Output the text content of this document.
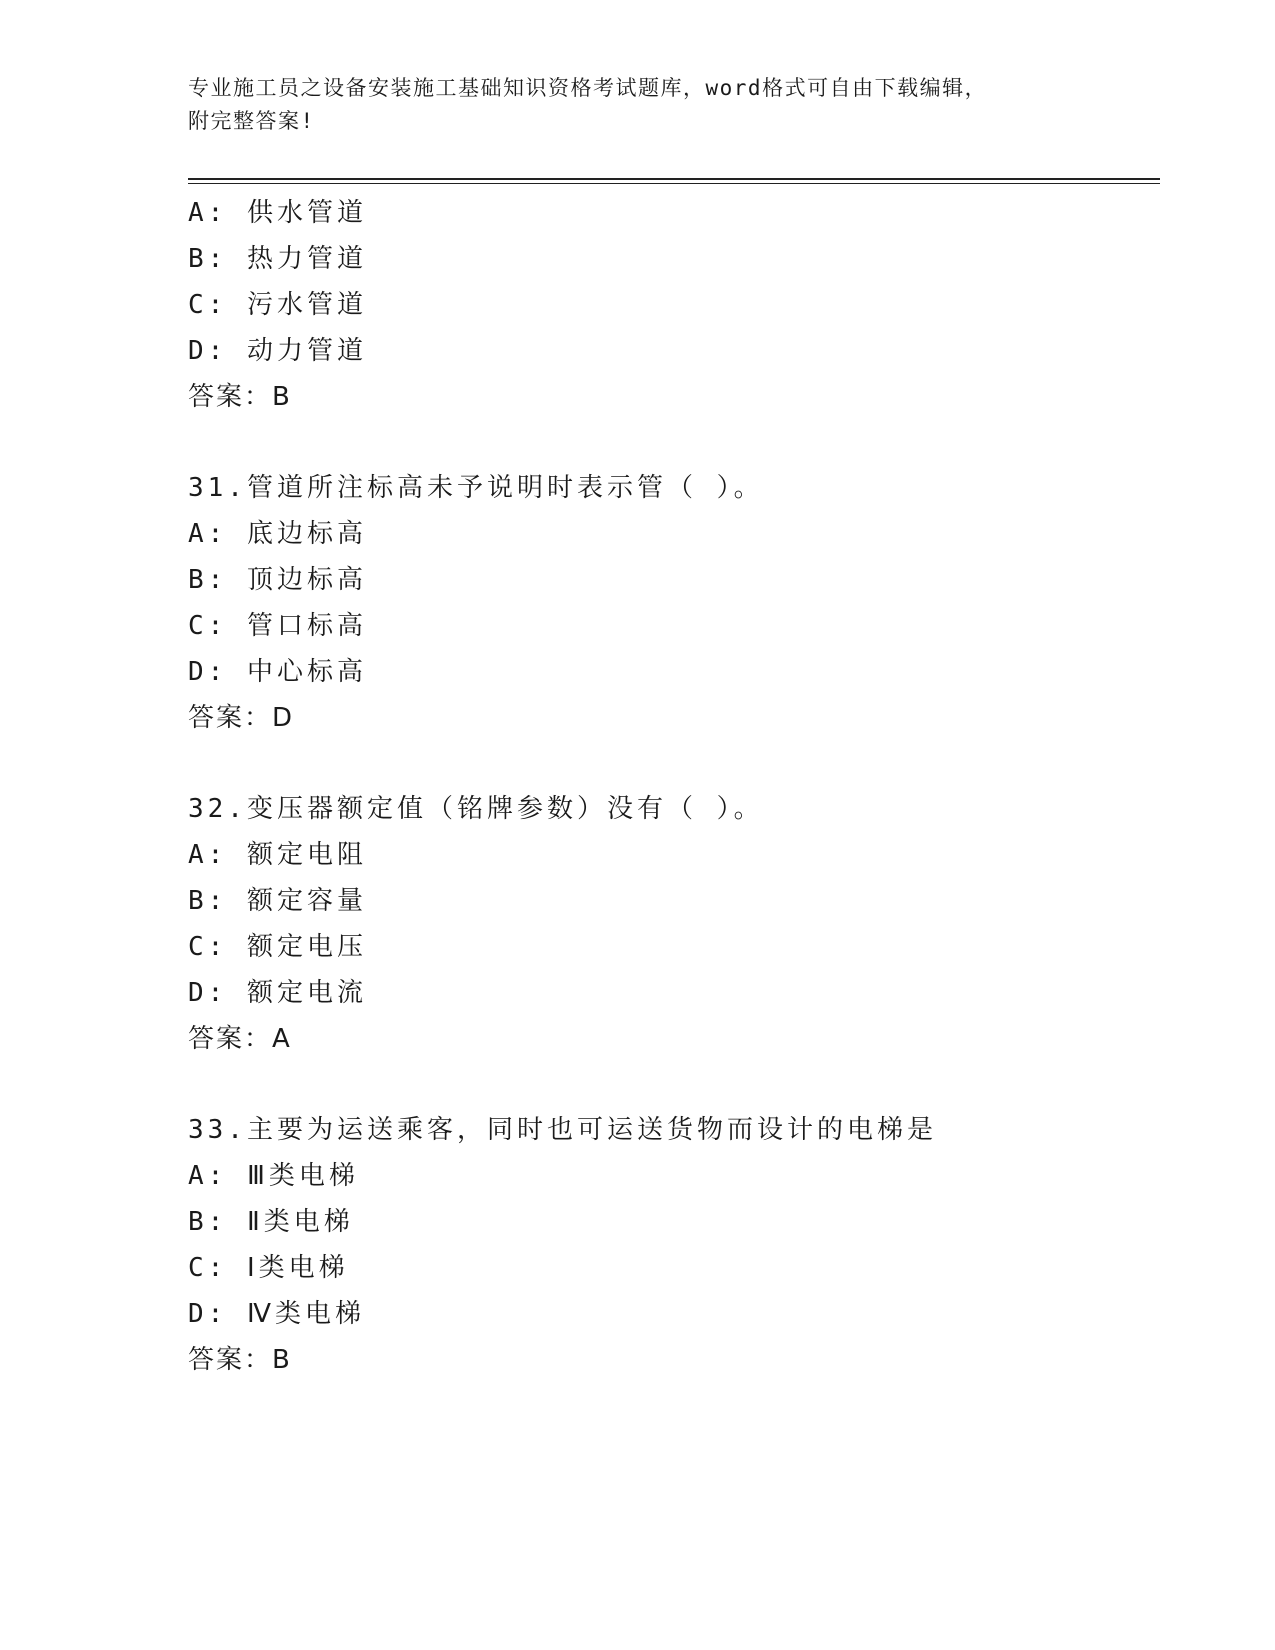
专业施工员之设备安装施工基础知识资格考试题库，word格式可自由下载编辑，
附完整答案!
A: 供水管道
B: 热力管道
C: 污水管道
D: 动力管道
答案：B
31.管道所注标高未予说明时表示管（ ）。
A: 底边标高
B: 顶边标高
C: 管口标高
D: 中心标高
答案：D
32.变压器额定值（铭牌参数）没有（ ）。
A: 额定电阻
B: 额定容量
C: 额定电压
D: 额定电流
答案：A
33.主要为运送乘客，同时也可运送货物而设计的电梯是
A: Ⅲ类电梯
B: Ⅱ类电梯
C: Ⅰ类电梯
D: Ⅳ类电梯
答案：B
